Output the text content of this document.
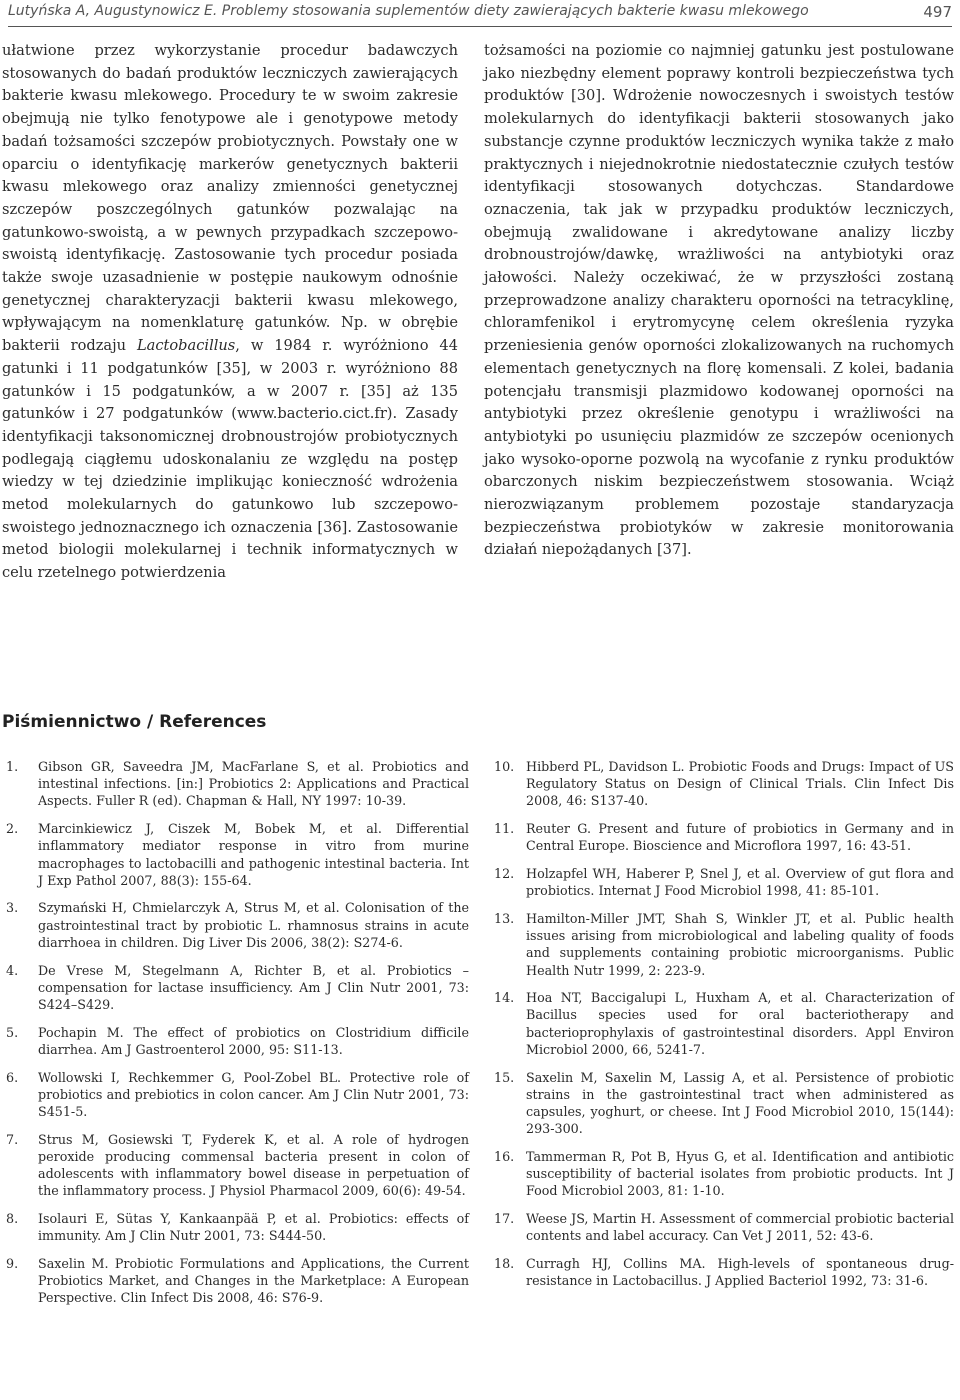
Lutyńska A, Augustynowicz E. Problemy stosowania suplementów diety zawierających bakterie kwasu mlekowego	497

ułatwione przez wykorzystanie procedur badawczych stosowanych do badań produktów leczniczych zawierających bakterie kwasu mlekowego. Procedury te w swoim zakresie obejmują nie tylko fenotypowe ale i genotypowe metody badań tożsamości szczepów probiotycznych. Powstały one w oparciu o identyfikację markerów genetycznych bakterii kwasu mlekowego oraz analizy zmienności genetycznej szczepów poszczególnych gatunków pozwalając na gatunkowo-swoistą, a w pewnych przypadkach szczepowo-swoistą identyfikację. Zastosowanie tych procedur posiada także swoje uzasadnienie w postępie naukowym odnośnie genetycznej charakteryzacji bakterii kwasu mlekowego, wpływającym na nomenklaturę gatunków. Np. w obrębie bakterii rodzaju Lactobacillus, w 1984 r. wyróżniono 44 gatunki i 11 podgatunków [35], w 2003 r. wyróżniono 88 gatunków i 15 podgatunków, a w 2007 r. [35] aż 135 gatunków i 27 podgatunków (www.bacterio.cict.fr). Zasady identyfikacji taksonomicznej drobnoustrojów probiotycznych podlegają ciągłemu udoskonalaniu ze względu na postęp wiedzy w tej dziedzinie implikując konieczność wdrożenia metod molekularnych do gatunkowo lub szczepowo-swoistego jednoznacznego ich oznaczenia [36]. Zastosowanie metod biologii molekularnej i technik informatycznych w celu rzetelnego potwierdzenia

tożsamości na poziomie co najmniej gatunku jest postulowane jako niezbędny element poprawy kontroli bezpieczeństwa tych produktów [30]. Wdrożenie nowoczesnych i swoistych testów molekularnych do identyfikacji bakterii stosowanych jako substancje czynne produktów leczniczych wynika także z mało praktycznych i niejednokrotnie niedostatecznie czułych testów identyfikacji stosowanych dotychczas. Standardowe oznaczenia, tak jak w przypadku produktów leczniczych, obejmują zwalidowane i akredytowane analizy liczby drobnoustrojów/dawkę, wrażliwości na antybiotyki oraz jałowości. Należy oczekiwać, że w przyszłości zostaną przeprowadzone analizy charakteru oporności na tetracyklinę, chloramfenikol i erytromycynę celem określenia ryzyka przeniesienia genów oporności zlokalizowanych na ruchomych elementach genetycznych na florę komensali. Z kolei, badania potencjału transmisji plazmidowo kodowanej oporności na antybiotyki przez określenie genotypu i wrażliwości na antybiotyki po usunięciu plazmidów ze szczepów ocenionych jako wysoko-oporne pozwolą na wycofanie z rynku produktów obarczonych niskim bezpieczeństwem stosowania. Wciąż nierozwiązanym problemem pozostaje standaryzacja bezpieczeństwa probiotyków w zakresie monitorowania działań niepożądanych [37].

Piśmiennictwo / References
1. Gibson GR, Saveedra JM, MacFarlane S, et al. Probiotics and intestinal infections. [in:] Probiotics 2: Applications and Practical Aspects. Fuller R (ed). Chapman & Hall, NY 1997: 10-39.
2. Marcinkiewicz J, Ciszek M, Bobek M, et al. Differential inflammatory mediator response in vitro from murine macrophages to lactobacilli and pathogenic intestinal bacteria. Int J Exp Pathol 2007, 88(3): 155-64.
3. Szymański H, Chmielarczyk A, Strus M, et al. Colonisation of the gastrointestinal tract by probiotic L. rhamnosus strains in acute diarrhoea in children. Dig Liver Dis 2006, 38(2): S274-6.
4. De Vrese M, Stegelmann A, Richter B, et al. Probiotics – compensation for lactase insufficiency. Am J Clin Nutr 2001, 73: S424–S429.
5. Pochapin M. The effect of probiotics on Clostridium difficile diarrhea. Am J Gastroenterol 2000, 95: S11-13.
6. Wollowski I, Rechkemmer G, Pool-Zobel BL. Protective role of probiotics and prebiotics in colon cancer. Am J Clin Nutr 2001, 73: S451-5.
7. Strus M, Gosiewski T, Fyderek K, et al. A role of hydrogen peroxide producing commensal bacteria present in colon of adolescents with inflammatory bowel disease in perpetuation of the inflammatory process. J Physiol Pharmacol 2009, 60(6): 49-54.
8. Isolauri E, Sütas Y, Kankaanpää P, et al. Probiotics: effects of immunity. Am J Clin Nutr 2001, 73: S444-50.
9. Saxelin M. Probiotic Formulations and Applications, the Current Probiotics Market, and Changes in the Marketplace: A European Perspective. Clin Infect Dis 2008, 46: S76-9.
10. Hibberd PL, Davidson L. Probiotic Foods and Drugs: Impact of US Regulatory Status on Design of Clinical Trials. Clin Infect Dis 2008, 46: S137-40.
11. Reuter G. Present and future of probiotics in Germany and in Central Europe. Bioscience and Microflora 1997, 16: 43-51.
12. Holzapfel WH, Haberer P, Snel J, et al. Overview of gut flora and probiotics. Internat J Food Microbiol 1998, 41: 85-101.
13. Hamilton-Miller JMT, Shah S, Winkler JT, et al. Public health issues arising from microbiological and labeling quality of foods and supplements containing probiotic microorganisms. Public Health Nutr 1999, 2: 223-9.
14. Hoa NT, Baccigalupi L, Huxham A, et al. Characterization of Bacillus species used for oral bacteriotherapy and bacterioprophylaxis of gastrointestinal disorders. Appl Environ Microbiol 2000, 66, 5241-7.
15. Saxelin M, Saxelin M, Lassig A, et al. Persistence of probiotic strains in the gastrointestinal tract when administered as capsules, yoghurt, or cheese. Int J Food Microbiol 2010, 15(144): 293-300.
16. Tammerman R, Pot B, Hyus G, et al. Identification and antibiotic susceptibility of bacterial isolates from probiotic products. Int J Food Microbiol 2003, 81: 1-10.
17. Weese JS, Martin H. Assessment of commercial probiotic bacterial contents and label accuracy. Can Vet J 2011, 52: 43-6.
18. Curragh HJ, Collins MA. High-levels of spontaneous drug-resistance in Lactobacillus. J Applied Bacteriol 1992, 73: 31-6.
